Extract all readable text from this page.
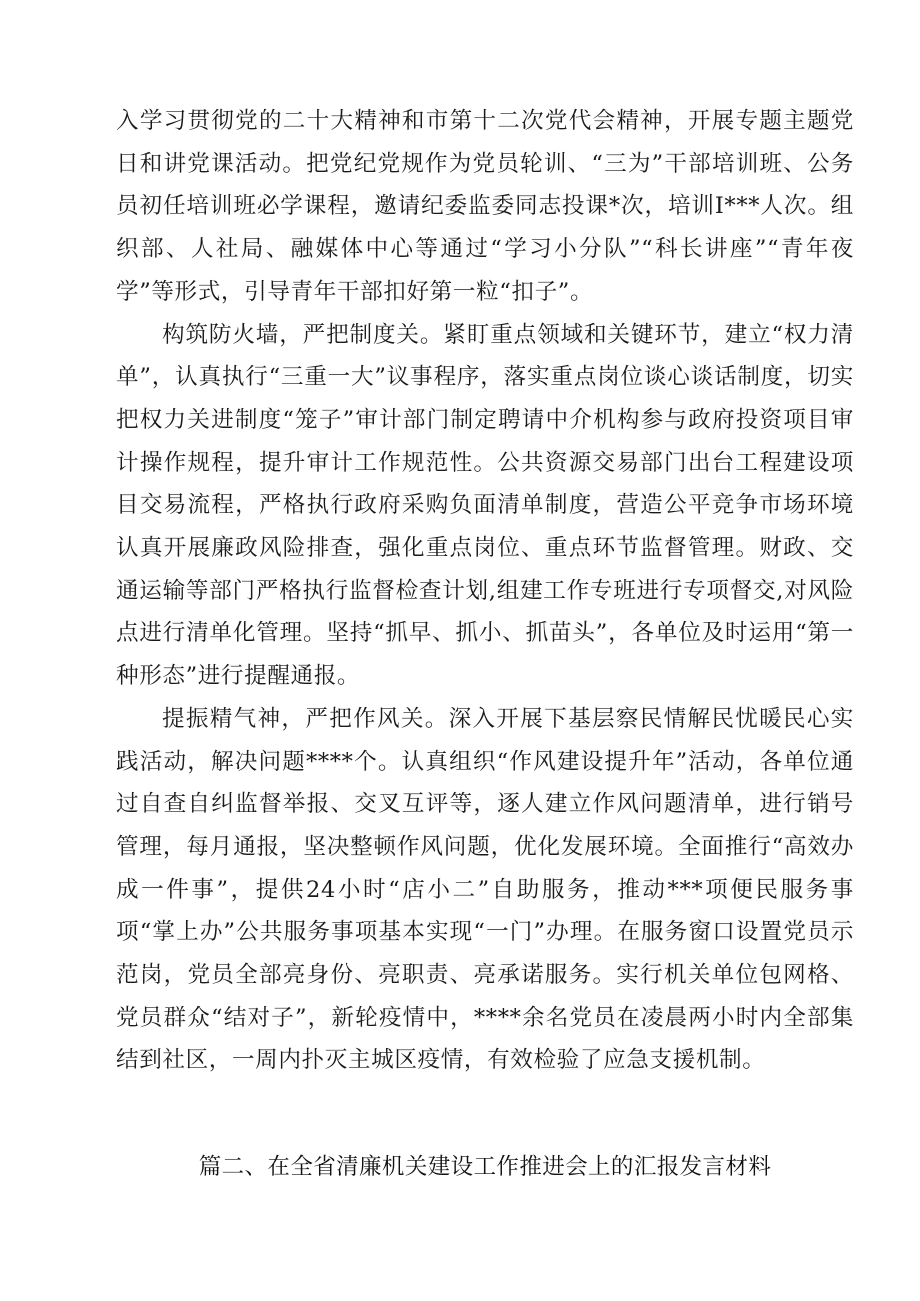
入学习贯彻党的二十大精神和市第十二次党代会精神，开展专题主题党日和讲党课活动。把党纪党规作为党员轮训、“三为”干部培训班、公务员初任培训班必学课程，邀请纪委监委同志投课*次，培训I***人次。组织部、人社局、融媒体中心等通过“学习小分队”“科长讲座”“青年夜学”等形式，引导青年干部扣好第一粒“扣子”。

构筑防火墙，严把制度关。紧盯重点领域和关键环节，建立“权力清单”，认真执行“三重一大”议事程序，落实重点岗位谈心谈话制度，切实把权力关进制度“笼子”审计部门制定聘请中介机构参与政府投资项目审计操作规程，提升审计工作规范性。公共资源交易部门出台工程建设项目交易流程，严格执行政府采购负面清单制度，营造公平竞争市场环境认真开展廉政风险排查，强化重点岗位、重点环节监督管理。财政、交通运输等部门严格执行监督检查计划,组建工作专班进行专项督交,对风险点进行清单化管理。坚持“抓早、抓小、抓苗头”，各单位及时运用“第一种形态”进行提醒通报。

提振精气神，严把作风关。深入开展下基层察民情解民忧暖民心实践活动，解决问题****个。认真组织“作风建设提升年”活动，各单位通过自查自纠监督举报、交叉互评等，逐人建立作风问题清单，进行销号管理，每月通报，坚决整顿作风问题，优化发展环境。全面推行“高效办成一件事”，提供24小时“店小二”自助服务，推动***项便民服务事项“掌上办”公共服务事项基本实现“一门”办理。在服务窗口设置党员示范岗，党员全部亮身份、亮职责、亮承诺服务。实行机关单位包网格、党员群众“结对子”，新轮疫情中，****余名党员在凌晨两小时内全部集结到社区，一周内扑灭主城区疫情，有效检验了应急支援机制。

篇二、在全省清廉机关建设工作推进会上的汇报发言材料
